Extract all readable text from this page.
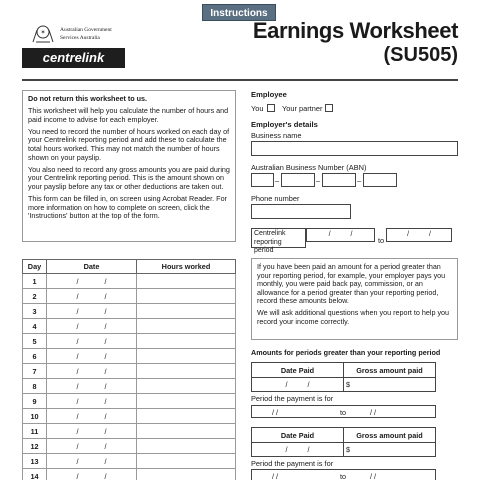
Instructions
✶	Australian Government
Services Australia
centrelink
Earnings Worksheet
(SU505)

Do not return this worksheet to us.

This worksheet will help you calculate the number of hours and paid income to advise for each employer.

You need to record the number of hours worked on each day of your Centrelink reporting period and add these to calculate the total hours worked. This may not match the number of hours shown on your payslip.

You also need to record any gross amounts you are paid during your Centrelink reporting period. This is the amount shown on your payslip before any tax or other deductions are taken out.

This form can be filled in, on screen using Acrobat Reader. For more information on how to complete on screen, click the 'Instructions' button at the top of the form.

Employee
You	Your partner
Employer's details
Business name
Australian Business Number (ABN)
–	–	–
Phone number
Centrelink
reporting period
/ /
to
/ /
Day	Date	Hours worked
1	/ /	
2	/ /	
3	/ /	
4	/ /	
5	/ /	
6	/ /	
7	/ /	
8	/ /	
9	/ /	
10	/ /	
11	/ /	
12	/ /	
13	/ /	
14	/ /	

If you have been paid an amount for a period greater than your reporting period, for example, your employer pays you monthly, you were paid back pay, commission, or an allowance for a period greater than your reporting period, record these amounts below.

We will ask additional questions when you report to help you record your income correctly.

Amounts for periods greater than your reporting period
Date Paid	Gross amount paid
/ /	$
Period the payment is for
/ /	to	/ /
Date Paid	Gross amount paid
/ /	$
Period the payment is for
/ /	to	/ /
